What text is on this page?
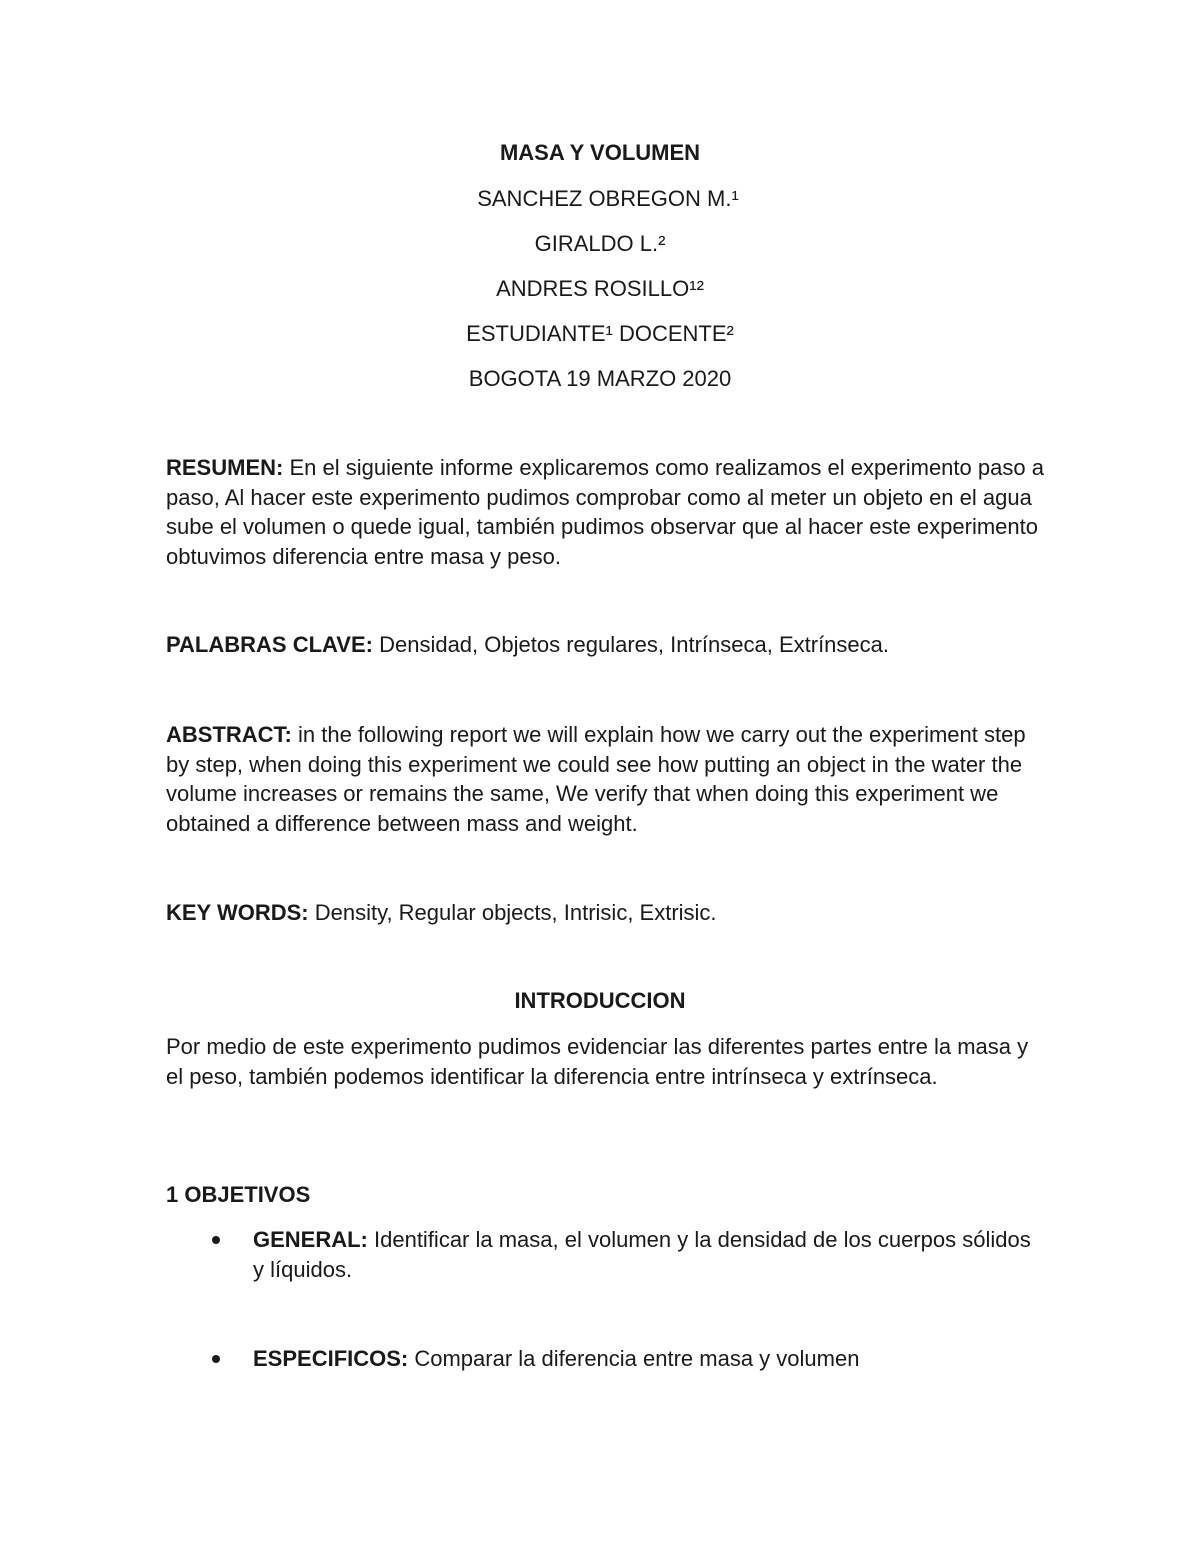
MASA Y VOLUMEN
SANCHEZ OBREGON M.¹
GIRALDO L.²
ANDRES ROSILLO¹²
ESTUDIANTE¹ DOCENTE²
BOGOTA 19 MARZO 2020
RESUMEN: En el siguiente informe explicaremos como realizamos el experimento paso a paso, Al hacer este experimento pudimos comprobar como al meter un objeto en el agua sube el volumen o quede igual, también pudimos observar que al hacer este experimento obtuvimos diferencia entre masa y peso.
PALABRAS CLAVE: Densidad, Objetos regulares, Intrínseca, Extrínseca.
ABSTRACT: in the following report we will explain how we carry out the experiment step by step, when doing this experiment we could see how putting an object in the water the volume increases or remains the same, We verify that when doing this experiment we obtained a difference between mass and weight.
KEY WORDS: Density, Regular objects, Intrisic, Extrisic.
INTRODUCCION
Por medio de este experimento pudimos evidenciar las diferentes partes entre la masa y el peso, también podemos identificar la diferencia entre intrínseca y extrínseca.
1 OBJETIVOS
GENERAL: Identificar la masa, el volumen y la densidad de los cuerpos sólidos y líquidos.
ESPECIFICOS: Comparar la diferencia entre masa y volumen
